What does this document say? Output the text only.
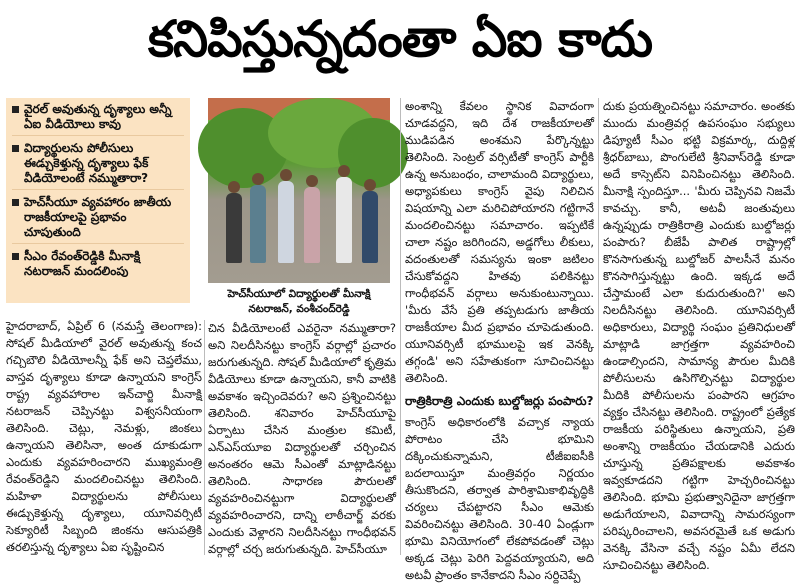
కనిపిస్తున్నదంతా ఏఐ కాదు
వైరల్ అవుతున్న దృశ్యాలు అన్నీ ఏఐ వీడియోలు కావు
విద్యార్థులను పోలీసులు ఈడ్చుకెళ్తున్న దృశ్యాలు ఫేక్ వీడియోలంటే నమ్ముతారా?
హెచ్‌సీయూ వ్యవహారం జాతీయ రాజకీయాలపై ప్రభావం చూపుతుంది
సీఎం రేవంత్‌రెడ్డికి మీనాక్షి నటరాజన్ మందలింపు
హెచ్‌సీయూలో విద్యార్థులతో మీనాక్షి నటరాజన్, వంశీచంద్‌రెడ్డి

హైదరాబాద్, ఏప్రిల్ 6 (నమస్తే తెలంగాణ): సోషల్ మీడియాలో వైరల్ అవుతున్న కంచ గచ్చిబౌలి వీడియోలన్నీ ఫేక్ అని చెప్తలేము, వాస్తవ దృశ్యాలు కూడా ఉన్నాయని కాంగ్రెస్ రాష్ట్ర వ్యవహారాల ఇన్‌చార్జి మీనాక్షి నటరాజన్ చెప్పినట్టు విశ్వసనీయంగా తెలిసింది. చెట్లు, నెమళ్లు, జింకలు ఉన్నాయని తెలిసినా, అంత దూకుడుగా ఎందుకు వ్యవహరించారని ముఖ్యమంత్రి రేవంత్‌రెడ్డిని మందలించినట్టు తెలిసింది. మహిళా విద్యార్థులను పోలీసులు ఈడ్చుకెళ్తున్న దృశ్యాలు, యూనివర్సిటీ సెక్యూరిటీ సిబ్బంది జింకను ఆసుపత్రికి తరలిస్తున్న దృశ్యాలు ఏఐ సృష్టించిన

చిన వీడియోలంటే ఎవరైనా నమ్ముతారా? అని నిలదీసినట్టు కాంగ్రెస్ వర్గాల్లో ప్రచారం జరుగుతున్నది. సోషల్ మీడియాలో కృత్రిమ వీడియోలు కూడా ఉన్నాయని, కానీ వాటికి అవకాశం ఇచ్చిందెవరు? అని ప్రశ్నించినట్టు తెలిసింది. శనివారం హెచ్‌సీయూపై ఏర్పాటు చేసిన మంత్రుల కమిటీ, ఎన్‌ఎస్‌యూఐ విద్యార్థులతో చర్చించిన అనంతరం ఆమె సీఎంతో మాట్లాడినట్టు తెలిసింది. సాధారణ పౌరులతో వ్యవహరించినట్టుగా విద్యార్థులతో వ్యవహరించారని, దాన్ని లాఠీచార్జ్ వరకు ఎందుకు వెళ్లారని నిలదీసినట్టు గాంధీభవన్ వర్గాల్లో చర్చ జరుగుతున్నది. హెచ్‌సీయూ

అంశాన్ని కేవలం స్థానిక వివాదంగా చూడవద్దని, ఇది దేశ రాజకీయాలతో ముడిపడిన అంశమని పేర్కొన్నట్టు తెలిసింది. సెంట్రల్ వర్సిటీతో కాంగ్రెస్ పార్టీకి ఉన్న అనుబంధం, చాలామంది విద్యార్థులు, అధ్యాపకులు కాంగ్రెస్ వైపు నిలిచిన విషయాన్ని ఎలా మరిచిపోయారని గట్టిగానే మందలించినట్టు సమాచారం. ఇప్పటికే చాలా నష్టం జరిగిందని, అడ్డగోలు లీకులు, వదంతులతో సమస్యను ఇంకా జటిలం చేసుకోవద్దని హితవు పలికినట్టు గాంధీభవన్ వర్గాలు అనుకుంటున్నాయి. 'మీరు వేసే ప్రతి తప్పటడుగు జాతీయ రాజకీయాల మీద ప్రభావం చూపెడుతుంది. యూనివర్సిటీ భూములపై ఇక వెనక్కి తగ్గండి' అని సహేతుకంగా సూచించినట్టు తెలిసింది.

రాత్రికిరాత్రి ఎందుకు బుల్డోజర్లు పంపారు?

కాంగ్రెస్ అధికారంలోకి వచ్చాక న్యాయ పోరాటం చేసి భూమిని దక్కించుకున్నామని, టీజీఐఐసీకి బదలాయిస్తూ మంత్రివర్గం నిర్ణయం తీసుకొందని, తర్వాత పారిశ్రామికాభివృద్ధికి చర్యలు చేపట్టారని సీఎం ఆమెకు వివరించినట్టు తెలిసింది. 30-40 ఏండ్లుగా భూమి వినియోగంలో లేకపోవడంతో చెట్లు అక్కడ చెట్లు పెరిగి పెద్దవయ్యాయని, అది అటవీ ప్రాంతం కానేకాదని సీఎం సర్దిచెప్పే

దుకు ప్రయత్నించినట్టు సమాచారం. అంతకు ముందు మంత్రివర్గ ఉపసంఘం సభ్యులు డిప్యూటీ సీఎం భట్టి విక్రమార్క, దుద్దిళ్ల శ్రీధర్‌బాబు, పొంగులేటి శ్రీనివాస్‌రెడ్డి కూడా అదే కాస్సెట్‌ని వినిపించినట్టు తెలిసింది. మీనాక్షి స్పందిస్తూ... 'మీరు చెప్పినవి నిజమే కావచ్చు. కానీ, అటవీ జంతువులు ఉన్నప్పుడు రాత్రికిరాత్రి ఎందుకు బుల్డోజర్లు పంపారు? బీజేపీ పాలిత రాష్ట్రాల్లో కొనసాగుతున్న బుల్డోజర్ పాలసీనే మనం కొనసాగిస్తున్నట్టు ఉంది. ఇక్కడ అదే చేస్తామంటే ఎలా కుదురుతుంది?' అని నిలదీసినట్టు తెలిసింది. యూనివర్సిటీ అధికారులు, విద్యార్థి సంఘం ప్రతినిధులతో మాట్లాడి జాగ్రత్తగా వ్యవహరించి ఉండాల్సిందని, సామాన్య పౌరుల మీదికి పోలీసులను ఉసిగొల్పినట్టు విద్యార్థుల మీదికి పోలీసులను పంపారని ఆగ్రహం వ్యక్తం చేసినట్టు తెలిసింది. రాష్ట్రంలో ప్రత్యేక రాజకీయ పరిస్థితులు ఉన్నాయని, ప్రతి అంశాన్ని రాజకీయం చేయడానికి ఎదురు చూస్తున్న ప్రతిపక్షాలకు అవకాశం ఇవ్వకూడదని గట్టిగా హెచ్చరించినట్టు తెలిసింది. భూమి ప్రభుత్వానిదైనా జాగ్రత్తగా అడుగేయాలని, వివాదాన్ని సామరస్యంగా పరిష్కరించాలని, అవసరమైతే ఒక అడుగు వెనక్కి వేసినా వచ్చే నష్టం ఏమీ లేదని సూచించినట్టు తెలిసింది.
